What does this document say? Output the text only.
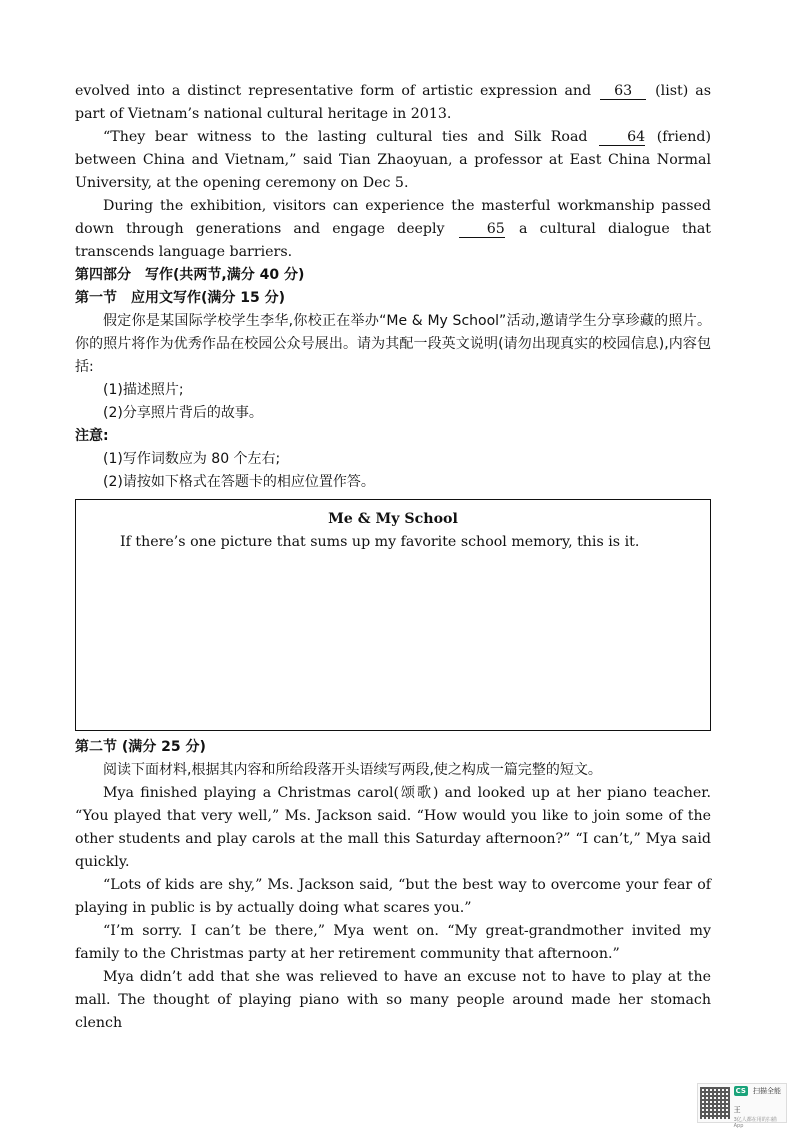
evolved into a distinct representative form of artistic expression and 63 (list) as part of Vietnam’s national cultural heritage in 2013.

“They bear witness to the lasting cultural ties and Silk Road	64 (friend) between China and Vietnam,” said Tian Zhaoyuan, a professor at East China Normal University, at the opening ceremony on Dec 5.

During the exhibition, visitors can experience the masterful workmanship passed down through generations and engage deeply	65 a cultural dialogue that transcends language barriers.

第四部分　写作(共两节,满分 40 分)

第一节　应用文写作(满分 15 分)

假定你是某国际学校学生李华,你校正在举办“Me & My School”活动,邀请学生分享珍藏的照片。你的照片将作为优秀作品在校园公众号展出。请为其配一段英文说明(请勿出现真实的校园信息),内容包括:

(1)描述照片;

(2)分享照片背后的故事。

注意:

(1)写作词数应为 80 个左右;

(2)请按如下格式在答题卡的相应位置作答。

Me & My School
If there’s one picture that sums up my favorite school memory, this is it.

第二节 (满分 25 分)

阅读下面材料,根据其内容和所给段落开头语续写两段,使之构成一篇完整的短文。

Mya finished playing a Christmas carol(颂歌) and looked up at her piano teacher. “You played that very well,” Ms. Jackson said. “How would you like to join some of the other students and play carols at the mall this Saturday afternoon?” “I can’t,” Mya said quickly.

“Lots of kids are shy,” Ms. Jackson said, “but the best way to overcome your fear of playing in public is by actually doing what scares you.”

“I’m sorry. I can’t be there,” Mya went on. “My great-grandmother invited my family to the Christmas party at her retirement community that afternoon.”

Mya didn’t add that she was relieved to have an excuse not to have to play at the mall. The thought of playing piano with so many people around made her stomach clench

CS 扫描全能王
3亿人都在用的扫描App
